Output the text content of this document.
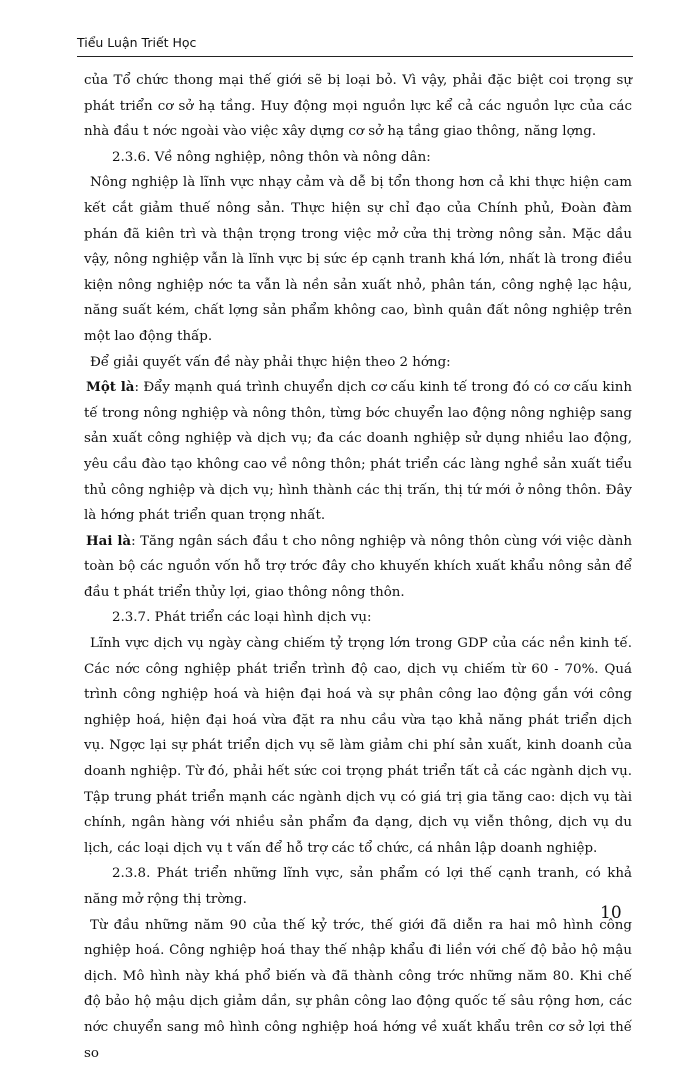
Tiểu Luận Triết Học

của Tổ chức thong mại thế giới sẽ bị loại bỏ. Vì vậy, phải đặc biệt coi trọng sự phát triển cơ sở hạ tầng. Huy động mọi nguồn lực kể cả các nguồn lực của các nhà đầu t nớc ngoài vào việc xây dựng cơ sở hạ tầng giao thông, năng lợng.

2.3.6. Về nông nghiệp, nông thôn và nông dân:

Nông nghiệp là lĩnh vực nhạy cảm và dễ bị tổn thong hơn cả khi thực hiện cam kết cắt giảm thuế nông sản. Thực hiện sự chỉ đạo của Chính phủ, Đoàn đàm phán đã kiên trì và thận trọng trong việc mở cửa thị trờng nông sản. Mặc dầu vậy, nông nghiệp vẫn là lĩnh vực bị sức ép cạnh tranh khá lớn, nhất là trong điều kiện nông nghiệp nớc ta vẫn là nền sản xuất nhỏ, phân tán, công nghệ lạc hậu, năng suất kém, chất lợng sản phẩm không cao, bình quân đất nông nghiệp trên một lao động thấp.

Để giải quyết vấn đề này phải thực hiện theo 2 hớng:

Một là: Đẩy mạnh quá trình chuyển dịch cơ cấu kinh tế trong đó có cơ cấu kinh tế trong nông nghiệp và nông thôn, từng bớc chuyển lao động nông nghiệp sang sản xuất công nghiệp và dịch vụ; đa các doanh nghiệp sử dụng nhiều lao động, yêu cầu đào tạo không cao về nông thôn; phát triển các làng nghề sản xuất tiểu thủ công nghiệp và dịch vụ; hình thành các thị trấn, thị tứ mới ở nông thôn. Đây là hớng phát triển quan trọng nhất.

Hai là: Tăng ngân sách đầu t cho nông nghiệp và nông thôn cùng với việc dành toàn bộ các nguồn vốn hỗ trợ trớc đây cho khuyến khích xuất khẩu nông sản để đầu t phát triển thủy lợi, giao thông nông thôn.

2.3.7. Phát triển các loại hình dịch vụ:

Lĩnh vực dịch vụ ngày càng chiếm tỷ trọng lớn trong GDP của các nền kinh tế. Các nớc công nghiệp phát triển trình độ cao, dịch vụ chiếm từ 60 - 70%. Quá trình công nghiệp hoá và hiện đại hoá và sự phân công lao động gắn với công nghiệp hoá, hiện đại hoá vừa đặt ra nhu cầu vừa tạo khả năng phát triển dịch vụ. Ngợc lại sự phát triển dịch vụ sẽ làm giảm chi phí sản xuất, kinh doanh của doanh nghiệp. Từ đó, phải hết sức coi trọng phát triển tất cả các ngành dịch vụ. Tập trung phát triển mạnh các ngành dịch vụ có giá trị gia tăng cao: dịch vụ tài chính, ngân hàng với nhiều sản phẩm đa dạng, dịch vụ viễn thông, dịch vụ du lịch, các loại dịch vụ t vấn để hỗ trợ các tổ chức, cá nhân lập doanh nghiệp.

2.3.8. Phát triển những lĩnh vực, sản phẩm có lợi thế cạnh tranh, có khả năng mở rộng thị trờng.

Từ đầu những năm 90 của thế kỷ trớc, thế giới đã diễn ra hai mô hình công nghiệp hoá. Công nghiệp hoá thay thế nhập khẩu đi liền với chế độ bảo hộ mậu dịch. Mô hình này khá phổ biến và đã thành công trớc những năm 80. Khi chế độ bảo hộ mậu dịch giảm dần, sự phân công lao động quốc tế sâu rộng hơn, các nớc chuyển sang mô hình công nghiệp hoá hớng về xuất khẩu trên cơ sở lợi thế so

10
